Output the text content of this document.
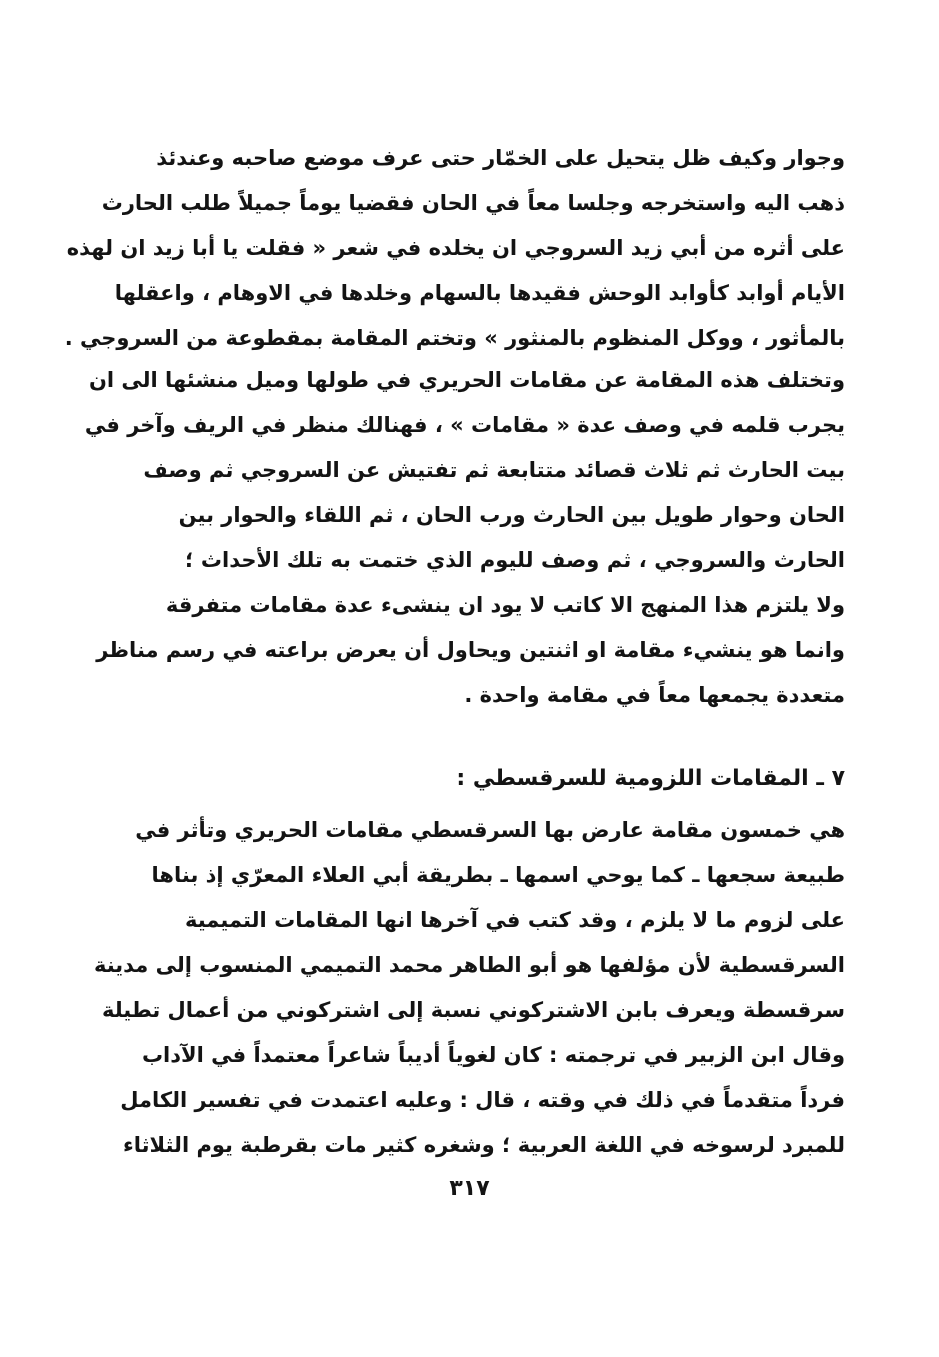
وجوار وكيف ظل يتحيل على الخمّار حتى عرف موضع صاحبه وعندئذ
ذهب اليه واستخرجه وجلسا معاً في الحان فقضيا يوماً جميلاً طلب الحارث
على أثره من أبي زيد السروجي ان يخلده في شعر « فقلت يا أبا زيد ان لهذه
الأيام أوابد كأوابد الوحش فقيدها بالسهام وخلدها في الاوهام ، واعقلها
بالمأثور ، ووكل المنظوم بالمنثور » وتختم المقامة بمقطوعة من السروجي .
وتختلف هذه المقامة عن مقامات الحريري في طولها وميل منشئها الى ان
يجرب قلمه في وصف عدة « مقامات » ، فهنالك منظر في الريف وآخر في
بيت الحارث ثم ثلاث قصائد متتابعة ثم تفتيش عن السروجي ثم وصف
الحان وحوار طويل بين الحارث ورب الحان ، ثم اللقاء والحوار بين
الحارث والسروجي ، ثم وصف لليوم الذي ختمت به تلك الأحداث ؛
ولا يلتزم هذا المنهج الا كاتب لا يود ان ينشىء عدة مقامات متفرقة
وانما هو ينشيء مقامة او اثنتين ويحاول أن يعرض براعته في رسم مناظر
متعددة يجمعها معاً في مقامة واحدة .
٧ ـ المقامات اللزومية للسرقسطي :
هي خمسون مقامة عارض بها السرقسطي مقامات الحريري وتأثر في
طبيعة سجعها ـ كما يوحي اسمها ـ بطريقة أبي العلاء المعرّي إذ بناها
على لزوم ما لا يلزم ، وقد كتب في آخرها انها المقامات التميمية
السرقسطية لأن مؤلفها هو أبو الطاهر محمد التميمي المنسوب إلى مدينة
سرقسطة ويعرف بابن الاشتركوني نسبة إلى اشتركوني من أعمال تطيلة
وقال ابن الزبير في ترجمته : كان لغوياً أديباً شاعراً معتمداً في الآداب
فرداً متقدماً في ذلك في وقته ، قال : وعليه اعتمدت في تفسير الكامل
للمبرد لرسوخه في اللغة العربية ؛ وشغره كثير مات بقرطبة يوم الثلاثاء
٣١٧
